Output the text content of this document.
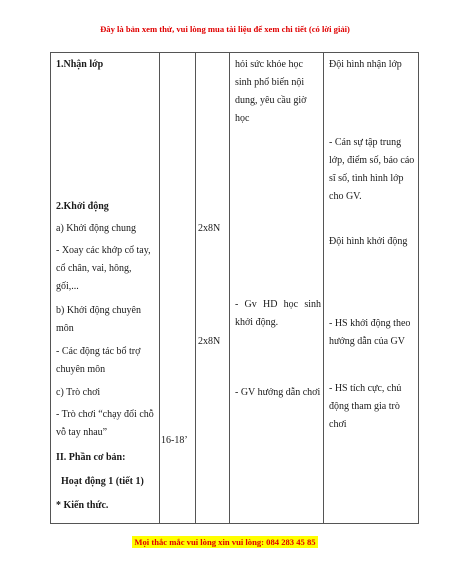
Đây là bản xem thử, vui lòng mua tài liệu để xem chi tiết (có lời giải)
1.Nhận lớp
2.Khởi động
a) Khởi động chung
- Xoay các khớp cổ tay, cổ chân, vai, hông, gối,...
b) Khởi động chuyên môn
- Các động tác bổ trợ chuyên môn
c) Trò chơi
- Trò chơi “chạy đổi chỗ vỗ tay nhau”
II. Phần cơ bản:
Hoạt động 1 (tiết 1)
* Kiến thức.
16-18’
2x8N
2x8N
hỏi sức khỏe học sinh phổ biến nội dung, yêu cầu giờ học
- Gv HD học sinh khởi động.
- GV hướng dẫn chơi
Đội hình nhận lớp
- Cán sự tập trung lớp, điểm số, báo cáo sĩ số, tình hình lớp cho GV.
Đội hình khởi động
- HS khởi động theo hướng dẫn của GV
- HS tích cực, chủ động tham gia trò chơi
Mọi thắc mắc vui lòng xin vui lòng: 084 283 45 85
